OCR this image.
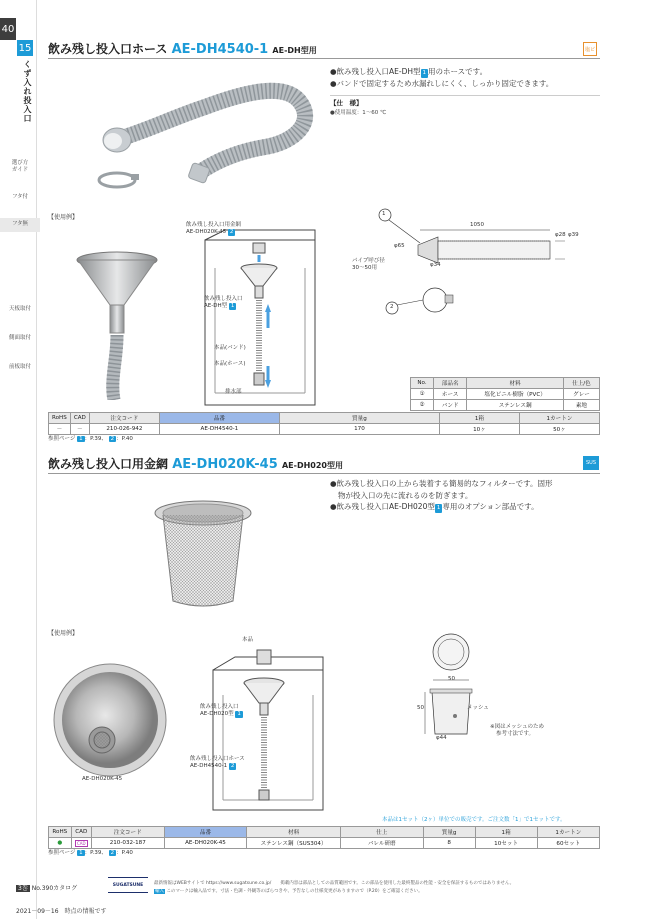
40
15
くず入れ投入口
選び方
ガイド
フタ付
フタ無
天板取付
側面取付
前板取付
飲み残し投入口ホース AE-DH4540-1 AE-DH型用	塩ビ
●飲み残し投入口AE-DH型 1 用のホースです。
●バンドで固定するため水漏れしにくく、しっかり固定できます。
【仕　様】
●使用温度：1～60 ℃
【使用例】
飲み残し投入口用金網
AE-DH020K-45 2
飲み残し投入口
AE-DH型 1
本品(バンド)
本品(ホース)
排水部
1
2
1050
φ65
φ28 φ39
φ34
パイプ呼び径
30～50用
No.	部品名	材料	仕上/色
①	ホース	塩化ビニル樹脂（PVC）	グレー
②	バンド	ステンレス鋼	素地
RoHS	CAD	注文コード	品番	質量g	1箱	1カートン
－	－	210-026-942	AE-DH4540-1	170	10ヶ	50ヶ
参照ページ 1 ：P.39、 2 ：P.40
飲み残し投入口用金網 AE-DH020K-45 AE-DH020型用	SUS
●飲み残し投入口の上から装着する簡易的なフィルターです。固形
物が投入口の先に流れるのを防ぎます。
●飲み残し投入口AE-DH020型 1 専用のオプション部品です。
【使用例】
AE-DH020K-45
本品
飲み残し投入口
AE-DH020型 1
飲み残し投入口ホース
AE-DH4540-1 2
50
50
φ44
メッシュ
※図はメッシュのため
参考寸法です。
本品は1セット（2ヶ）単位での販売です。ご注文数「1」で1セットです。
RoHS	CAD	注文コード	品番	材料	仕上	質量g	1箱	1カートン
●	CAD	210-032-187	AE-DH020K-45	ステンレス鋼（SUS304）	バレル研磨	8	10セット	60セット
参照ページ 1 ：P.39、 2 ：P.40
3巻 No.390カタログ	SUGATSUNE	最新情報はWEBサイトで https://www.sugatsune.co.jp/　　掲載内容は部品としての品質範囲です。この部品を使用した最終製品の性能・安全を保証するものではありません。
輸入 このマークは輸入品です。寸法・色調・外観等のばらつきや、予告なしの仕様変更がありますので（P.20）をご確認ください。
2021－09－16　時点の情報です
